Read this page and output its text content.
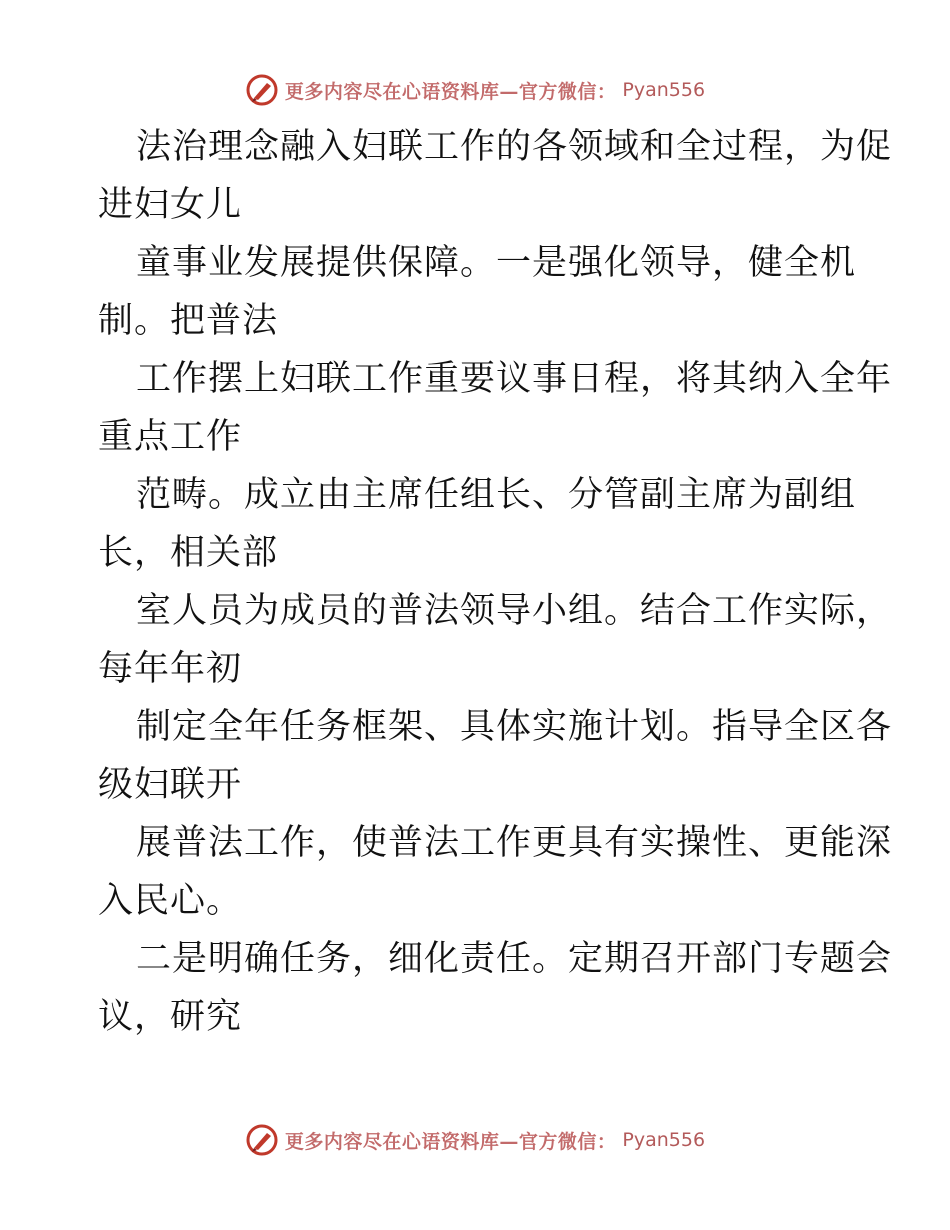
更多内容尽在心语资料库—官方微信： Pyan556
法治理念融入妇联工作的各领域和全过程，为促
进妇女儿
童事业发展提供保障。一是强化领导，健全机
制。把普法
工作摆上妇联工作重要议事日程，将其纳入全年
重点工作
范畴。成立由主席任组长、分管副主席为副组
长，相关部
室人员为成员的普法领导小组。结合工作实际，
每年年初
制定全年任务框架、具体实施计划。指导全区各
级妇联开
展普法工作，使普法工作更具有实操性、更能深
入民心。
二是明确任务，细化责任。定期召开部门专题会
议，研究
更多内容尽在心语资料库—官方微信： Pyan556
